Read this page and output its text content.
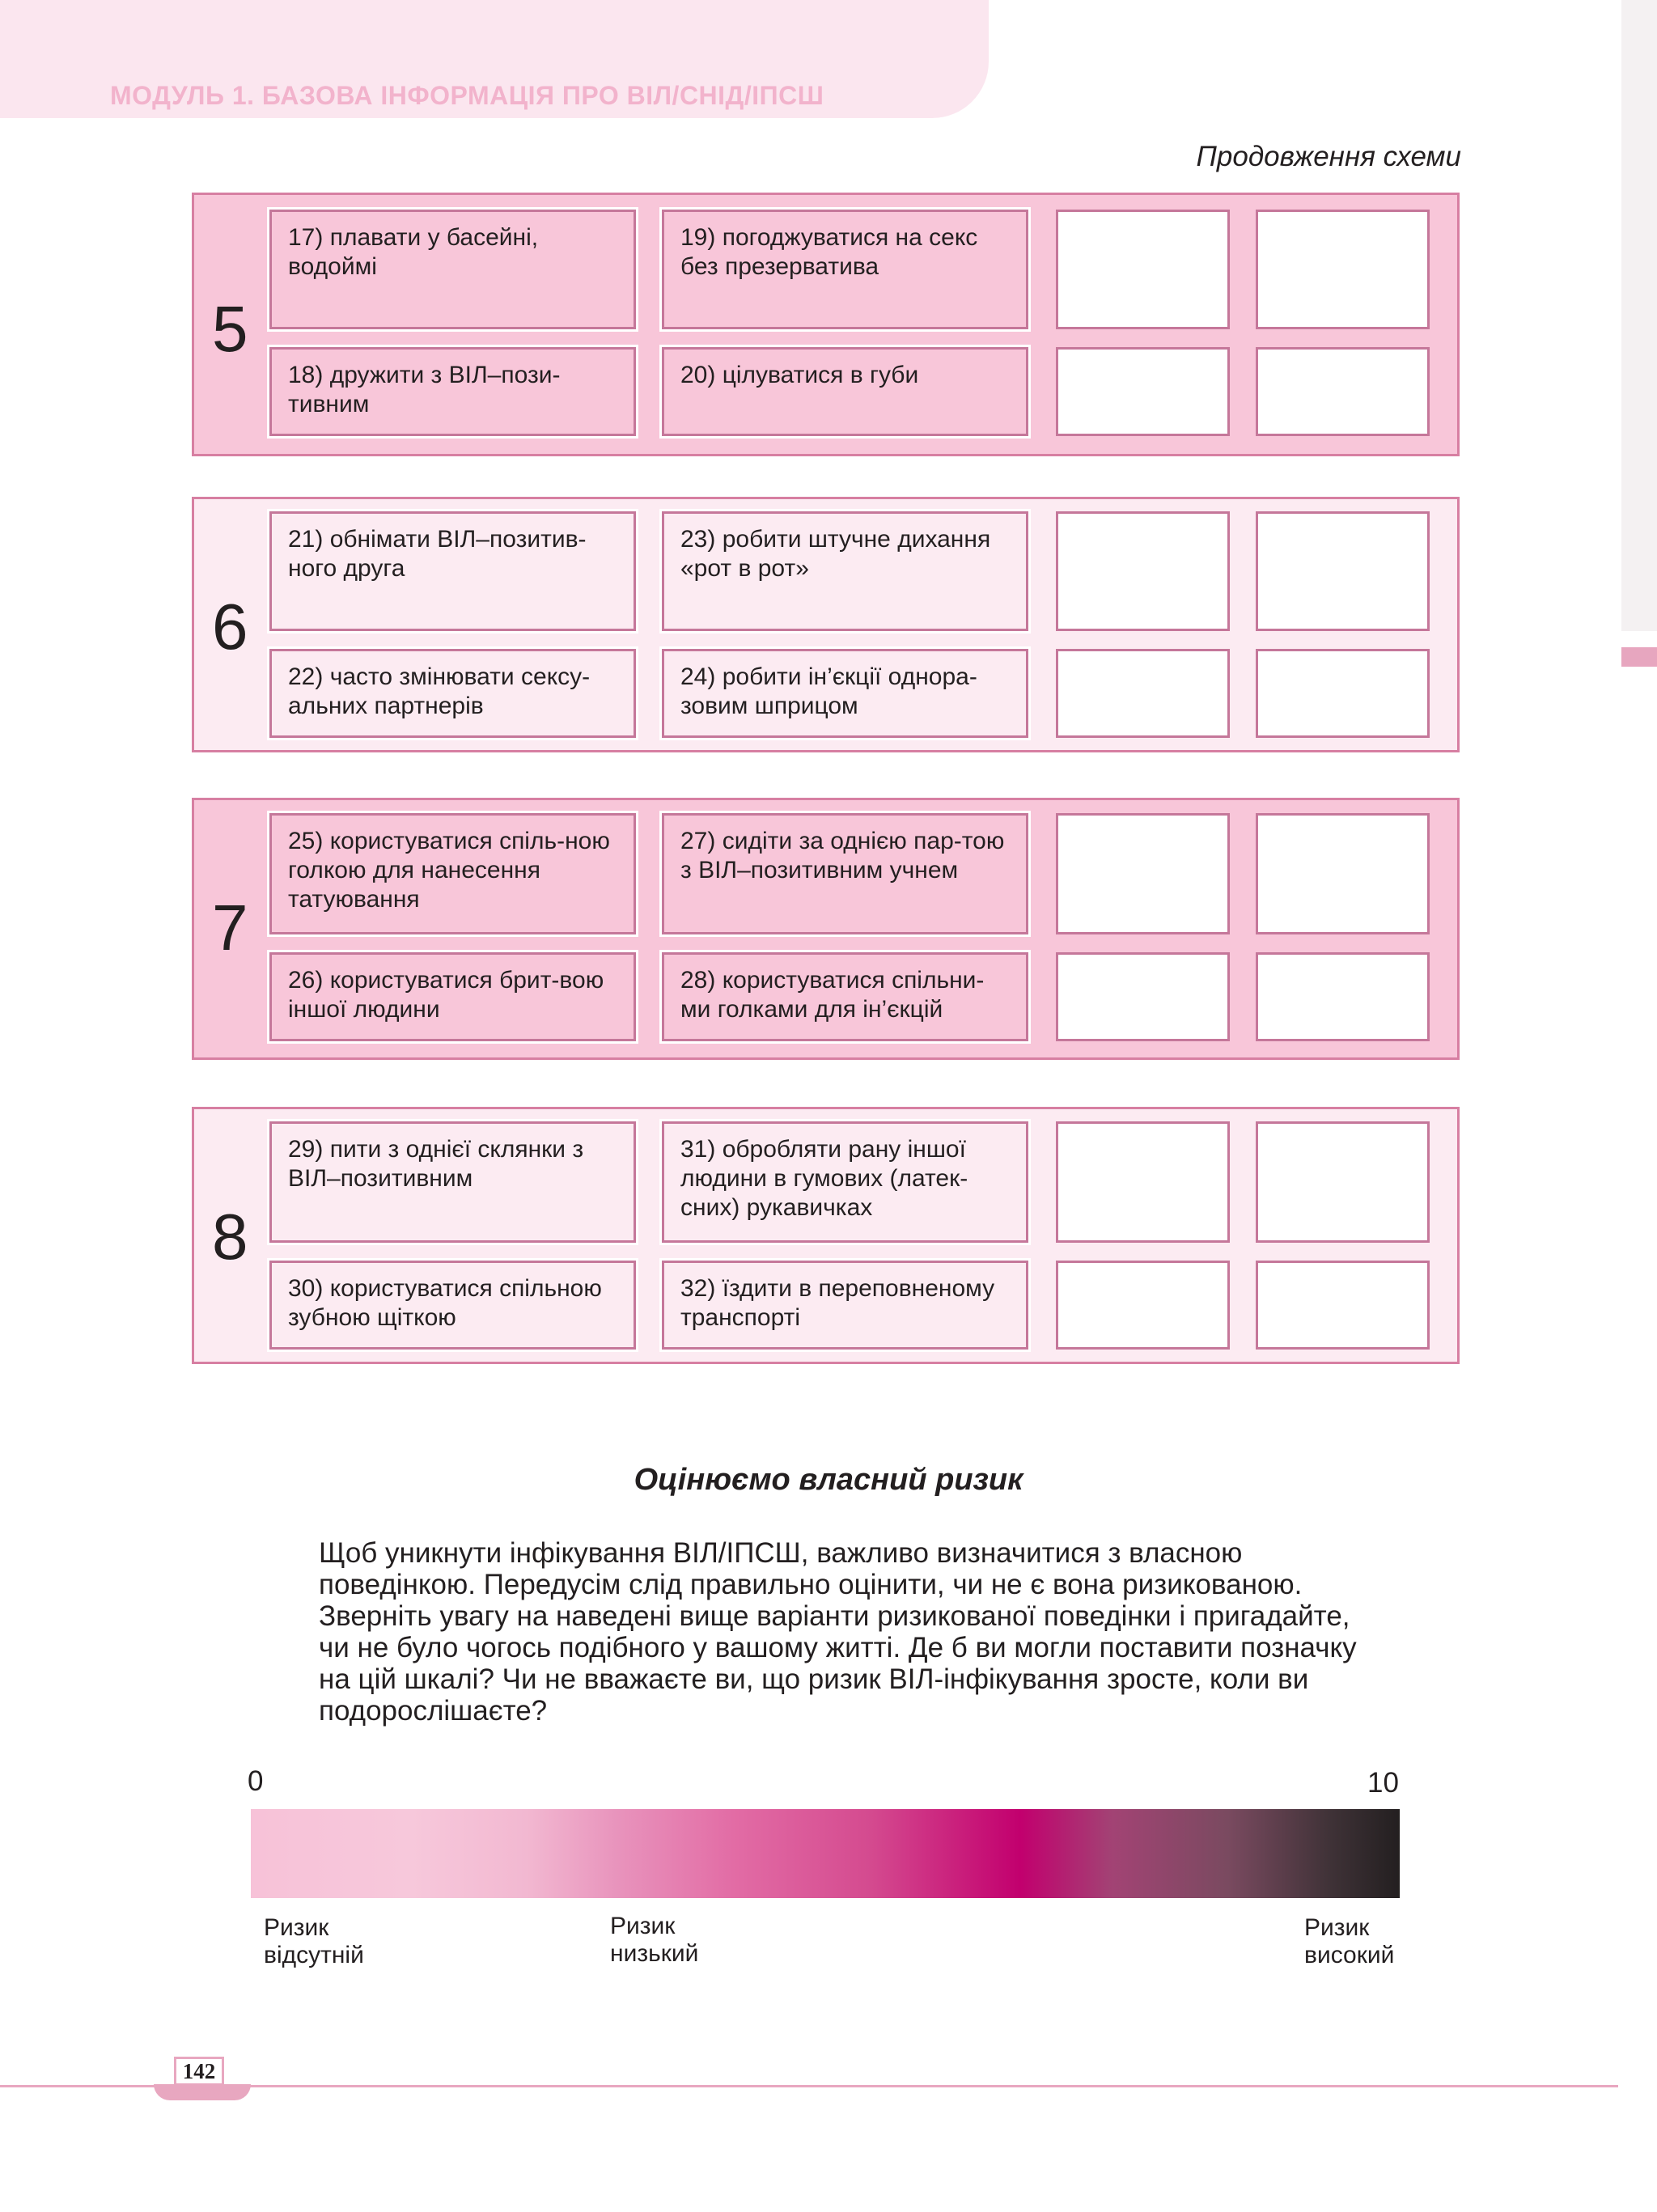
МОДУЛЬ 1. БАЗОВА ІНФОРМАЦІЯ ПРО ВІЛ/СНІД/ІПСШ
Продовження схеми
5
17) плавати у басейні, водоймі
18) дружити з ВІЛ–пози-тивним
19) погоджуватися на секс без презерватива
20) цілуватися в губи
6
21) обнімати ВІЛ–позитив-ного друга
22) часто змінювати сексу-альних партнерів
23) робити штучне дихання «рот в рот»
24) робити ін’єкції однора-зовим шприцом
7
25) користуватися спіль-ною голкою для нанесення татуювання
26) користуватися брит-вою іншої людини
27) сидіти за однією пар-тою з ВІЛ–позитивним учнем
28) користуватися спільни-ми голками для ін’єкцій
8
29) пити з однієї склянки з ВІЛ–позитивним
30) користуватися спільною зубною щіткою
31) обробляти рану іншої людини в гумових (латек-сних) рукавичках
32) їздити в переповненому транспорті
Оцінюємо власний ризик
Щоб уникнути інфікування ВІЛ/ІПСШ, важливо визначитися з власною поведінкою. Передусім слід правильно оцінити, чи не є вона ризикованою. Зверніть увагу на наведені вище варіанти ризикованої поведінки і пригадайте, чи не було чогось подібного у вашому житті. Де б ви могли поставити позначку на цій шкалі? Чи не вважаєте ви, що ризик ВІЛ-інфікування зросте, коли ви подорослішаєте?
0	10
Ризик
відсутній
Ризик
низький
Ризик
високий
142
